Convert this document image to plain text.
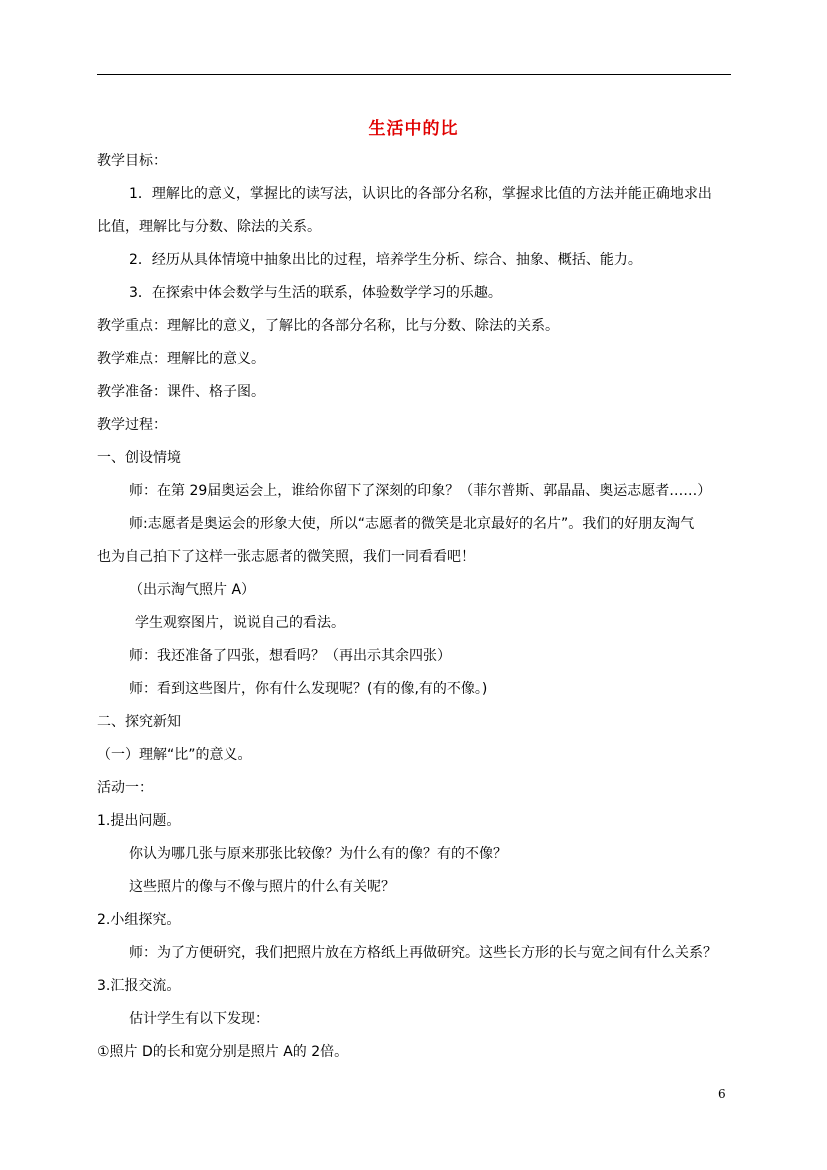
生活中的比
教学目标：
1．理解比的意义，掌握比的读写法，认识比的各部分名称，掌握求比值的方法并能正确地求出
比值，理解比与分数、除法的关系。
2．经历从具体情境中抽象出比的过程，培养学生分析、综合、抽象、概括、能力。
3．在探索中体会数学与生活的联系，体验数学学习的乐趣。
教学重点：理解比的意义，了解比的各部分名称，比与分数、除法的关系。
教学难点：理解比的意义。
教学准备：课件、格子图。
教学过程：
一、创设情境
师：在第 29届奥运会上，谁给你留下了深刻的印象？（菲尔普斯、郭晶晶、奥运志愿者……）
师:志愿者是奥运会的形象大使，所以“志愿者的微笑是北京最好的名片”。我们的好朋友淘气
也为自己拍下了这样一张志愿者的微笑照，我们一同看看吧！
（出示淘气照片 A）
学生观察图片，说说自己的看法。
师：我还准备了四张，想看吗？（再出示其余四张）
师：看到这些图片，你有什么发现呢？(有的像,有的不像。)
二、探究新知
（一）理解“比”的意义。
活动一：
1.提出问题。
你认为哪几张与原来那张比较像？为什么有的像？有的不像？
这些照片的像与不像与照片的什么有关呢？
2.小组探究。
师：为了方便研究，我们把照片放在方格纸上再做研究。这些长方形的长与宽之间有什么关系？
3.汇报交流。
估计学生有以下发现：
①照片 D的长和宽分别是照片 A的 2倍。
6
